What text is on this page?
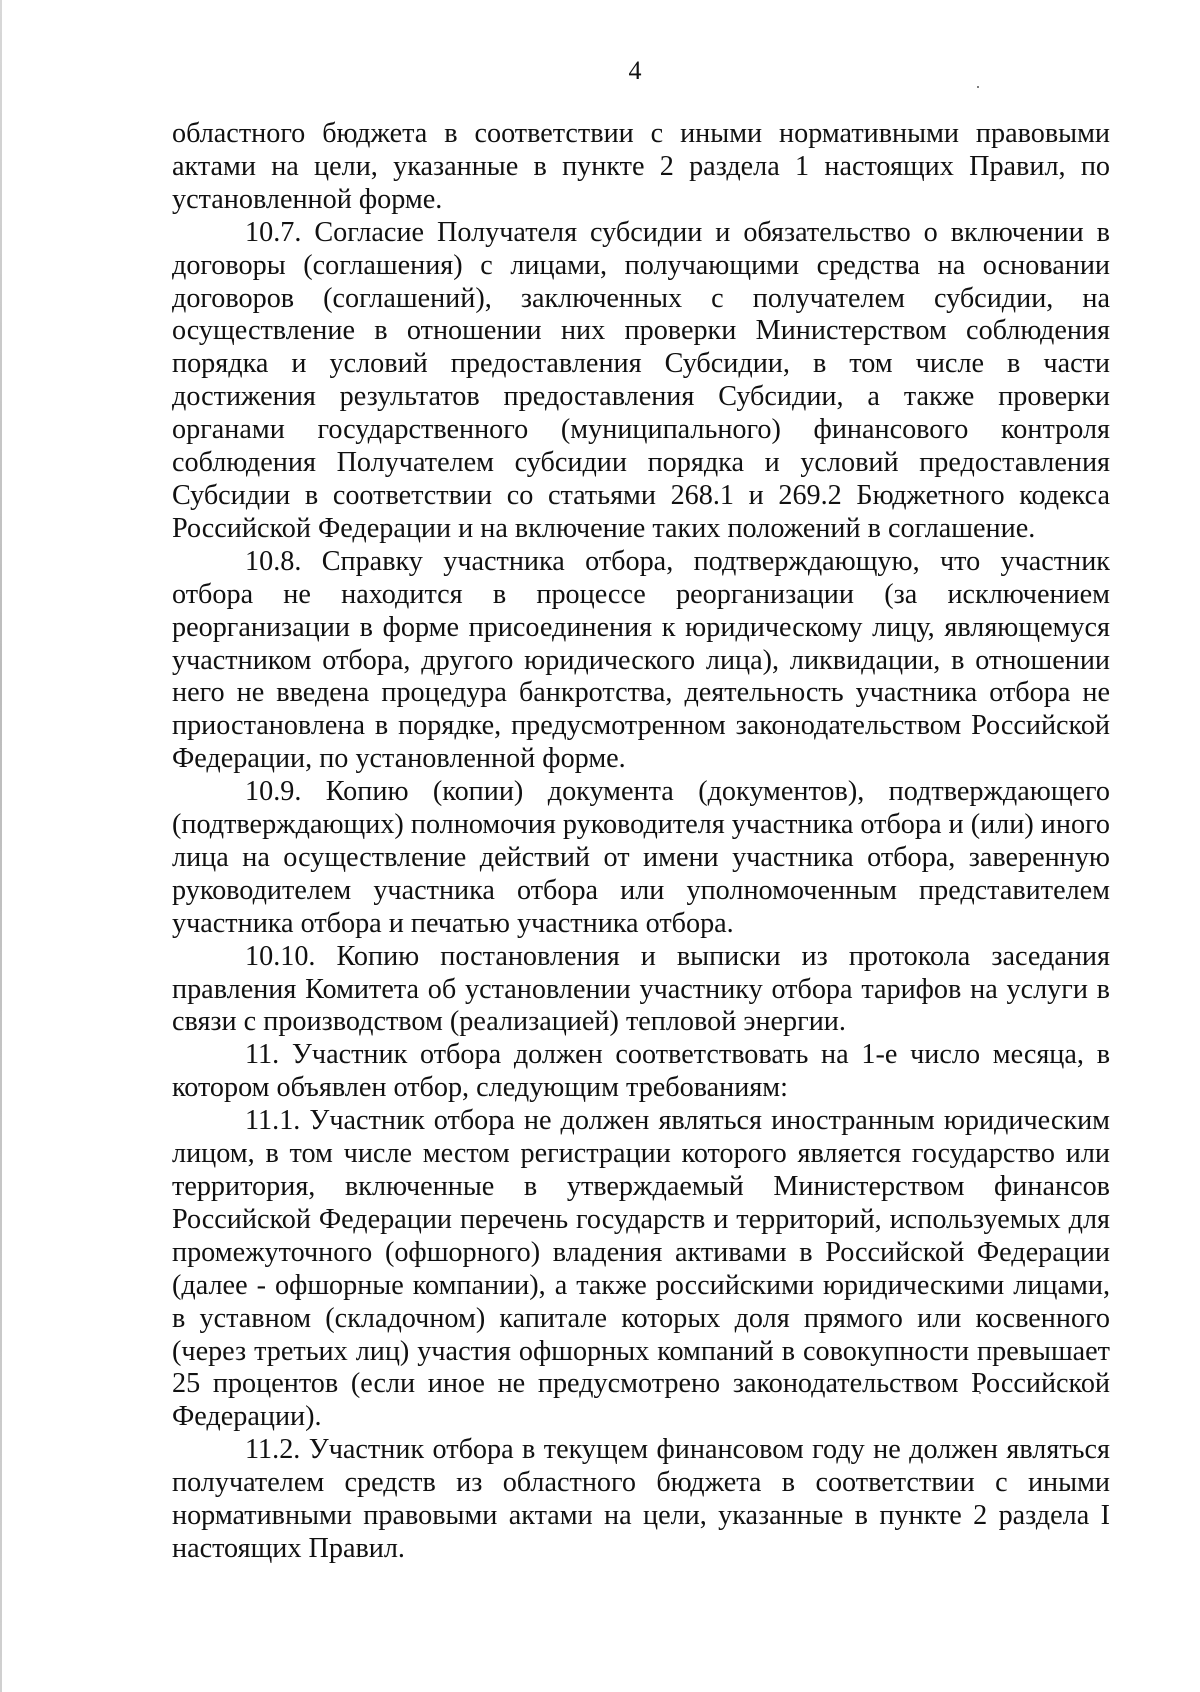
4

областного бюджета в соответствии с иными нормативными правовыми актами на цели, указанные в пункте 2 раздела 1 настоящих Правил, по установленной форме.

10.7. Согласие Получателя субсидии и обязательство о включении в договоры (соглашения) с лицами, получающими средства на основании договоров (соглашений), заключенных с получателем субсидии, на осуществление в отношении них проверки Министерством соблюдения порядка и условий предоставления Субсидии, в том числе в части достижения результатов предоставления Субсидии, а также проверки органами государственного (муниципального) финансового контроля соблюдения Получателем субсидии порядка и условий предоставления Субсидии в соответствии со статьями 268.1 и 269.2 Бюджетного кодекса Российской Федерации и на включение таких положений в соглашение.

10.8. Справку участника отбора, подтверждающую, что участник отбора не находится в процессе реорганизации (за исключением реорганизации в форме присоединения к юридическому лицу, являющемуся участником отбора, другого юридического лица), ликвидации, в отношении него не введена процедура банкротства, деятельность участника отбора не приостановлена в порядке, предусмотренном законодательством Российской Федерации, по установленной форме.

10.9. Копию (копии) документа (документов), подтверждающего (подтверждающих) полномочия руководителя участника отбора и (или) иного лица на осуществление действий от имени участника отбора, заверенную руководителем участника отбора или уполномоченным представителем участника отбора и печатью участника отбора.

10.10. Копию постановления и выписки из протокола заседания правления Комитета об установлении участнику отбора тарифов на услуги в связи с производством (реализацией) тепловой энергии.

11. Участник отбора должен соответствовать на 1-е число месяца, в котором объявлен отбор, следующим требованиям:

11.1. Участник отбора не должен являться иностранным юридическим лицом, в том числе местом регистрации которого является государство или территория, включенные в утверждаемый Министерством финансов Российской Федерации перечень государств и территорий, используемых для промежуточного (офшорного) владения активами в Российской Федерации (далее - офшорные компании), а также российскими юридическими лицами, в уставном (складочном) капитале которых доля прямого или косвенного (через третьих лиц) участия офшорных компаний в совокупности превышает 25 процентов (если иное не предусмотрено законодательством Российской Федерации).

11.2. Участник отбора в текущем финансовом году не должен являться получателем средств из областного бюджета в соответствии с иными нормативными правовыми актами на цели, указанные в пункте 2 раздела I настоящих Правил.
